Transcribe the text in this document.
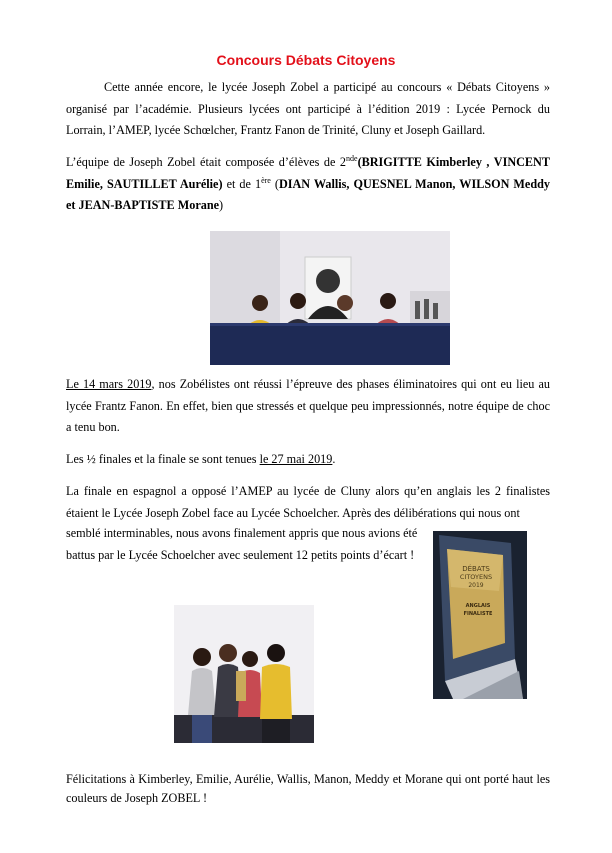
Concours Débats Citoyens

Cette année encore, le lycée Joseph Zobel a participé au concours « Débats Citoyens » organisé par l’académie. Plusieurs lycées ont participé à l’édition 2019 : Lycée Pernock du Lorrain, l’AMEP, lycée Schœlcher, Frantz Fanon de Trinité, Cluny et Joseph Gaillard.

L’équipe de Joseph Zobel était composée d’élèves de 2nde(BRIGITTE Kimberley , VINCENT Emilie, SAUTILLET Aurélie) et de 1ère (DIAN Wallis, QUESNEL Manon, WILSON Meddy et JEAN-BAPTISTE Morane)

Le 14 mars 2019, nos Zobélistes ont réussi l’épreuve des phases éliminatoires qui ont eu lieu au lycée Frantz Fanon. En effet, bien que stressés et quelque peu impressionnés, notre équipe de choc a tenu bon.

Les ½ finales et la finale se sont tenues le 27 mai 2019.

La finale en espagnol a opposé l’AMEP au lycée de Cluny alors qu’en anglais les 2 finalistes étaient le Lycée Joseph Zobel face au Lycée Schoelcher. Après des délibérations qui nous ont

semblé interminables, nous avons finalement appris que nous avions été battus par le Lycée Schoelcher avec seulement 12 petits points d’écart !

DÉBATS
CITOYENS
2019
ANGLAIS
FINALISTE

Félicitations à Kimberley, Emilie, Aurélie, Wallis, Manon, Meddy et Morane qui ont porté haut les couleurs de Joseph ZOBEL !
